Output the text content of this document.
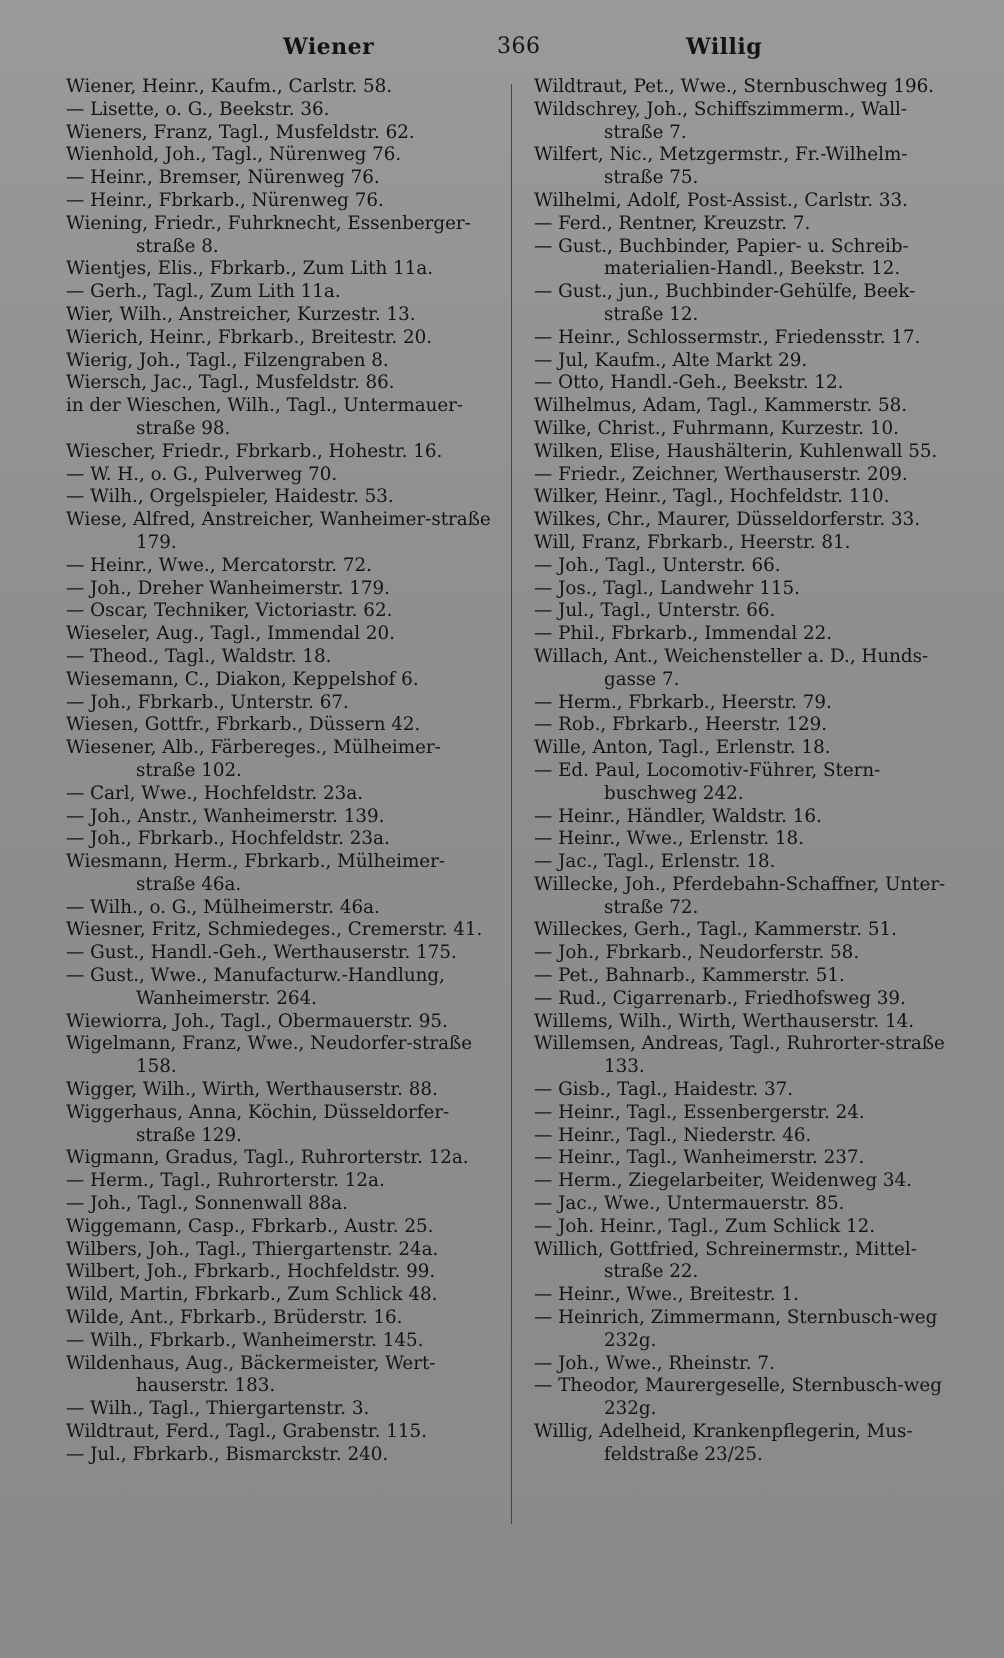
Wiener	366	Willig

Wiener, Heinr., Kaufm., Carlstr. 58.

— Lisette, o. G., Beekstr. 36.

Wieners, Franz, Tagl., Musfeldstr. 62.

Wienhold, Joh., Tagl., Nürenweg 76.

— Heinr., Bremser, Nürenweg 76.

— Heinr., Fbrkarb., Nürenweg 76.

Wiening, Friedr., Fuhrknecht, Essenberger-straße 8.

Wientjes, Elis., Fbrkarb., Zum Lith 11a.

— Gerh., Tagl., Zum Lith 11a.

Wier, Wilh., Anstreicher, Kurzestr. 13.

Wierich, Heinr., Fbrkarb., Breitestr. 20.

Wierig, Joh., Tagl., Filzengraben 8.

Wiersch, Jac., Tagl., Musfeldstr. 86.

in der Wieschen, Wilh., Tagl., Untermauer-straße 98.

Wiescher, Friedr., Fbrkarb., Hohestr. 16.

— W. H., o. G., Pulverweg 70.

— Wilh., Orgelspieler, Haidestr. 53.

Wiese, Alfred, Anstreicher, Wanheimer-straße 179.

— Heinr., Wwe., Mercatorstr. 72.

— Joh., Dreher Wanheimerstr. 179.

— Oscar, Techniker, Victoriastr. 62.

Wieseler, Aug., Tagl., Immendal 20.

— Theod., Tagl., Waldstr. 18.

Wiesemann, C., Diakon, Keppelshof 6.

— Joh., Fbrkarb., Unterstr. 67.

Wiesen, Gottfr., Fbrkarb., Düssern 42.

Wiesener, Alb., Färbereges., Mülheimer-straße 102.

— Carl, Wwe., Hochfeldstr. 23a.

— Joh., Anstr., Wanheimerstr. 139.

— Joh., Fbrkarb., Hochfeldstr. 23a.

Wiesmann, Herm., Fbrkarb., Mülheimer-straße 46a.

— Wilh., o. G., Mülheimerstr. 46a.

Wiesner, Fritz, Schmiedeges., Cremerstr. 41.

— Gust., Handl.-Geh., Werthauserstr. 175.

— Gust., Wwe., Manufacturw.-Handlung, Wanheimerstr. 264.

Wiewiorra, Joh., Tagl., Obermauerstr. 95.

Wigelmann, Franz, Wwe., Neudorfer-straße 158.

Wigger, Wilh., Wirth, Werthauserstr. 88.

Wiggerhaus, Anna, Köchin, Düsseldorfer-straße 129.

Wigmann, Gradus, Tagl., Ruhrorterstr. 12a.

— Herm., Tagl., Ruhrorterstr. 12a.

— Joh., Tagl., Sonnenwall 88a.

Wiggemann, Casp., Fbrkarb., Austr. 25.

Wilbers, Joh., Tagl., Thiergartenstr. 24a.

Wilbert, Joh., Fbrkarb., Hochfeldstr. 99.

Wild, Martin, Fbrkarb., Zum Schlick 48.

Wilde, Ant., Fbrkarb., Brüderstr. 16.

— Wilh., Fbrkarb., Wanheimerstr. 145.

Wildenhaus, Aug., Bäckermeister, Wert-hauserstr. 183.

— Wilh., Tagl., Thiergartenstr. 3.

Wildtraut, Ferd., Tagl., Grabenstr. 115.

— Jul., Fbrkarb., Bismarckstr. 240.

Wildtraut, Pet., Wwe., Sternbuschweg 196.

Wildschrey, Joh., Schiffszimmerm., Wall-straße 7.

Wilfert, Nic., Metzgermstr., Fr.-Wilhelm-straße 75.

Wilhelmi, Adolf, Post-Assist., Carlstr. 33.

— Ferd., Rentner, Kreuzstr. 7.

— Gust., Buchbinder, Papier- u. Schreib-materialien-Handl., Beekstr. 12.

— Gust., jun., Buchbinder-Gehülfe, Beek-straße 12.

— Heinr., Schlossermstr., Friedensstr. 17.

— Jul, Kaufm., Alte Markt 29.

— Otto, Handl.-Geh., Beekstr. 12.

Wilhelmus, Adam, Tagl., Kammerstr. 58.

Wilke, Christ., Fuhrmann, Kurzestr. 10.

Wilken, Elise, Haushälterin, Kuhlenwall 55.

— Friedr., Zeichner, Werthauserstr. 209.

Wilker, Heinr., Tagl., Hochfeldstr. 110.

Wilkes, Chr., Maurer, Düsseldorferstr. 33.

Will, Franz, Fbrkarb., Heerstr. 81.

— Joh., Tagl., Unterstr. 66.

— Jos., Tagl., Landwehr 115.

— Jul., Tagl., Unterstr. 66.

— Phil., Fbrkarb., Immendal 22.

Willach, Ant., Weichensteller a. D., Hunds-gasse 7.

— Herm., Fbrkarb., Heerstr. 79.

— Rob., Fbrkarb., Heerstr. 129.

Wille, Anton, Tagl., Erlenstr. 18.

— Ed. Paul, Locomotiv-Führer, Stern-buschweg 242.

— Heinr., Händler, Waldstr. 16.

— Heinr., Wwe., Erlenstr. 18.

— Jac., Tagl., Erlenstr. 18.

Willecke, Joh., Pferdebahn-Schaffner, Unter-straße 72.

Willeckes, Gerh., Tagl., Kammerstr. 51.

— Joh., Fbrkarb., Neudorferstr. 58.

— Pet., Bahnarb., Kammerstr. 51.

— Rud., Cigarrenarb., Friedhofsweg 39.

Willems, Wilh., Wirth, Werthauserstr. 14.

Willemsen, Andreas, Tagl., Ruhrorter-straße 133.

— Gisb., Tagl., Haidestr. 37.

— Heinr., Tagl., Essenbergerstr. 24.

— Heinr., Tagl., Niederstr. 46.

— Heinr., Tagl., Wanheimerstr. 237.

— Herm., Ziegelarbeiter, Weidenweg 34.

— Jac., Wwe., Untermauerstr. 85.

— Joh. Heinr., Tagl., Zum Schlick 12.

Willich, Gottfried, Schreinermstr., Mittel-straße 22.

— Heinr., Wwe., Breitestr. 1.

— Heinrich, Zimmermann, Sternbusch-weg 232g.

— Joh., Wwe., Rheinstr. 7.

— Theodor, Maurergeselle, Sternbusch-weg 232g.

Willig, Adelheid, Krankenpflegerin, Mus-feldstraße 23/25.
